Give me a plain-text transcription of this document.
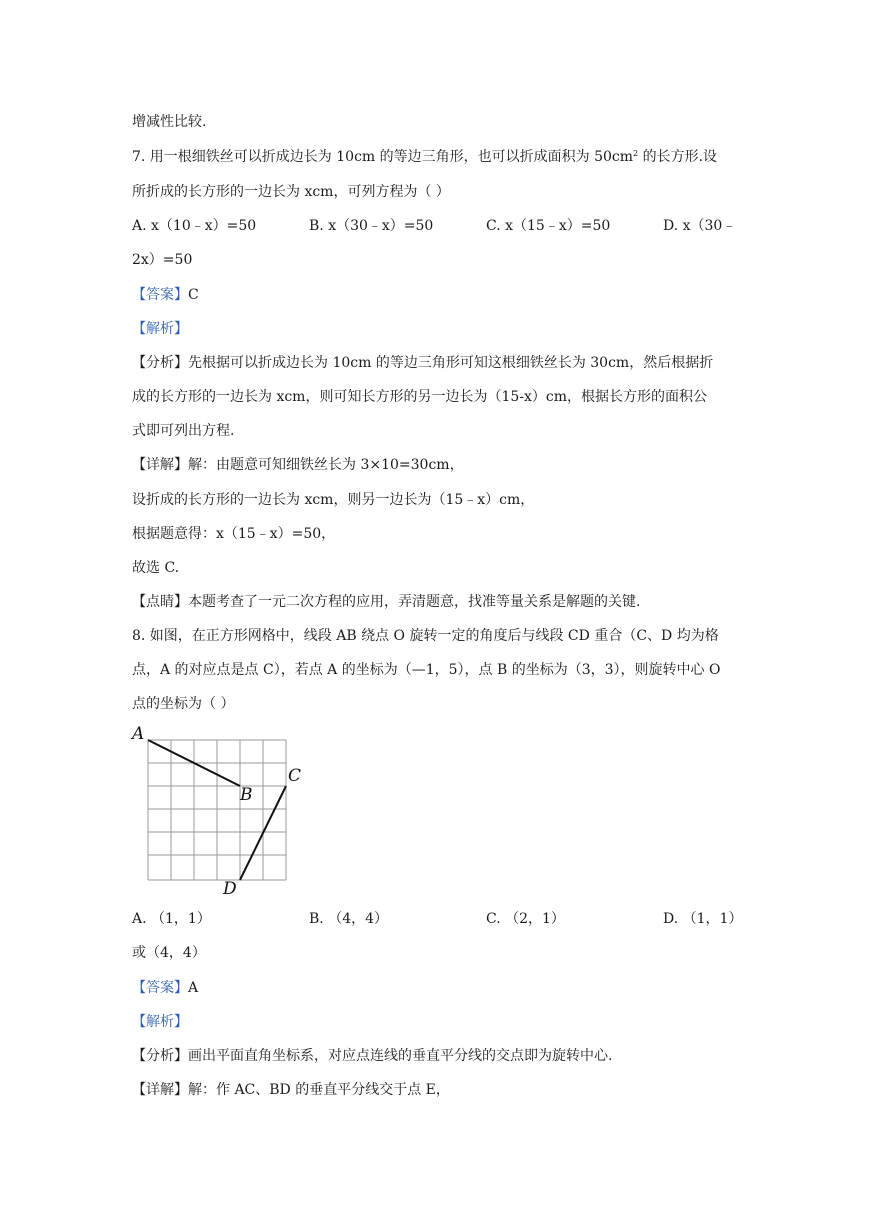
增减性比较.
7. 用一根细铁丝可以折成边长为 10cm 的等边三角形，也可以折成面积为 $50cm^2$ 的长方形.设
所折成的长方形的一边长为 xcm，可列方程为（ ）
A. x（10﹣x）=50	B. x（30﹣x）=50	C. x（15﹣x）=50	D. x（30﹣
2x）=50
【答案】C
【解析】
【分析】先根据可以折成边长为 10cm 的等边三角形可知这根细铁丝长为 30cm，然后根据折
成的长方形的一边长为 xcm，则可知长方形的另一边长为（15-x）cm，根据长方形的面积公
式即可列出方程.
【详解】解：由题意可知细铁丝长为 3×10=30cm，
设折成的长方形的一边长为 xcm，则另一边长为（15﹣x）cm，
根据题意得：x（15﹣x）=50，
故选 C.
【点睛】本题考查了一元二次方程的应用，弄清题意，找准等量关系是解题的关键.
8. 如图，在正方形网格中，线段 AB 绕点 O 旋转一定的角度后与线段 CD 重合（C、D 均为格
点，A 的对应点是点 C），若点 A 的坐标为（—1，5），点 B 的坐标为（3，3），则旋转中心 O
点的坐标为（ ）
A
B
C
D
A. （1，1）	B. （4，4）	C. （2，1）	D. （1，1）
或（4，4）
【答案】A
【解析】
【分析】画出平面直角坐标系，对应点连线的垂直平分线的交点即为旋转中心.
【详解】解：作 AC、BD 的垂直平分线交于点 E，
